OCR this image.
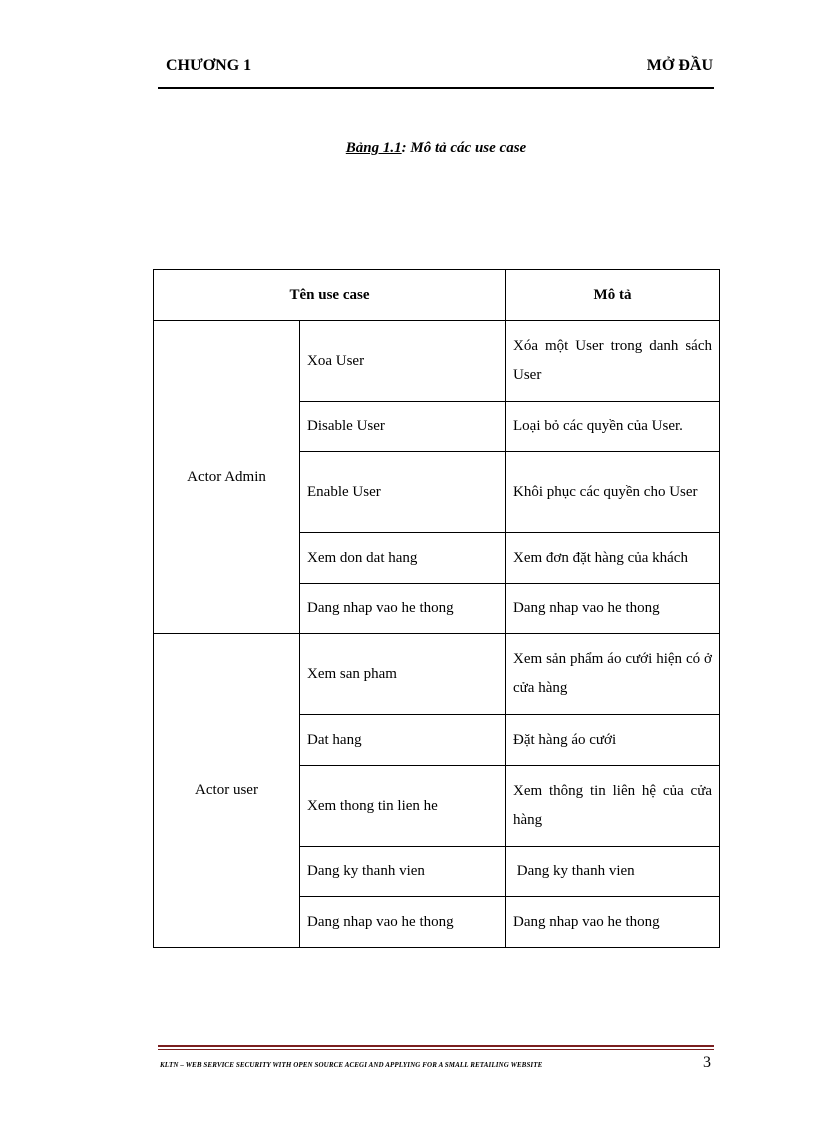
CHƯƠNG 1	MỞ ĐẦU
Bảng 1.1: Mô tả các use case
Tên use case		Mô tả
Actor Admin	Xoa User	Xóa một User trong danh sách User
	Disable User	Loại bỏ các quyền của User.
	Enable User	Khôi phục các quyền cho User
	Xem don dat hang	Xem đơn đặt hàng của khách
	Dang nhap vao he thong	Dang nhap vao he thong
Actor user	Xem san pham	Xem sản phẩm áo cưới hiện có ở cửa hàng
	Dat hang	Đặt hàng áo cưới
	Xem thong tin lien he	Xem thông tin liên hệ của cửa hàng
	Dang ky thanh vien	Dang ky thanh vien
	Dang nhap vao he thong	Dang nhap vao he thong
KLTN – WEB SERVICE SECURITY WITH OPEN SOURCE ACEGI AND APPLYING FOR A SMALL RETAILING WEBSITE	3
